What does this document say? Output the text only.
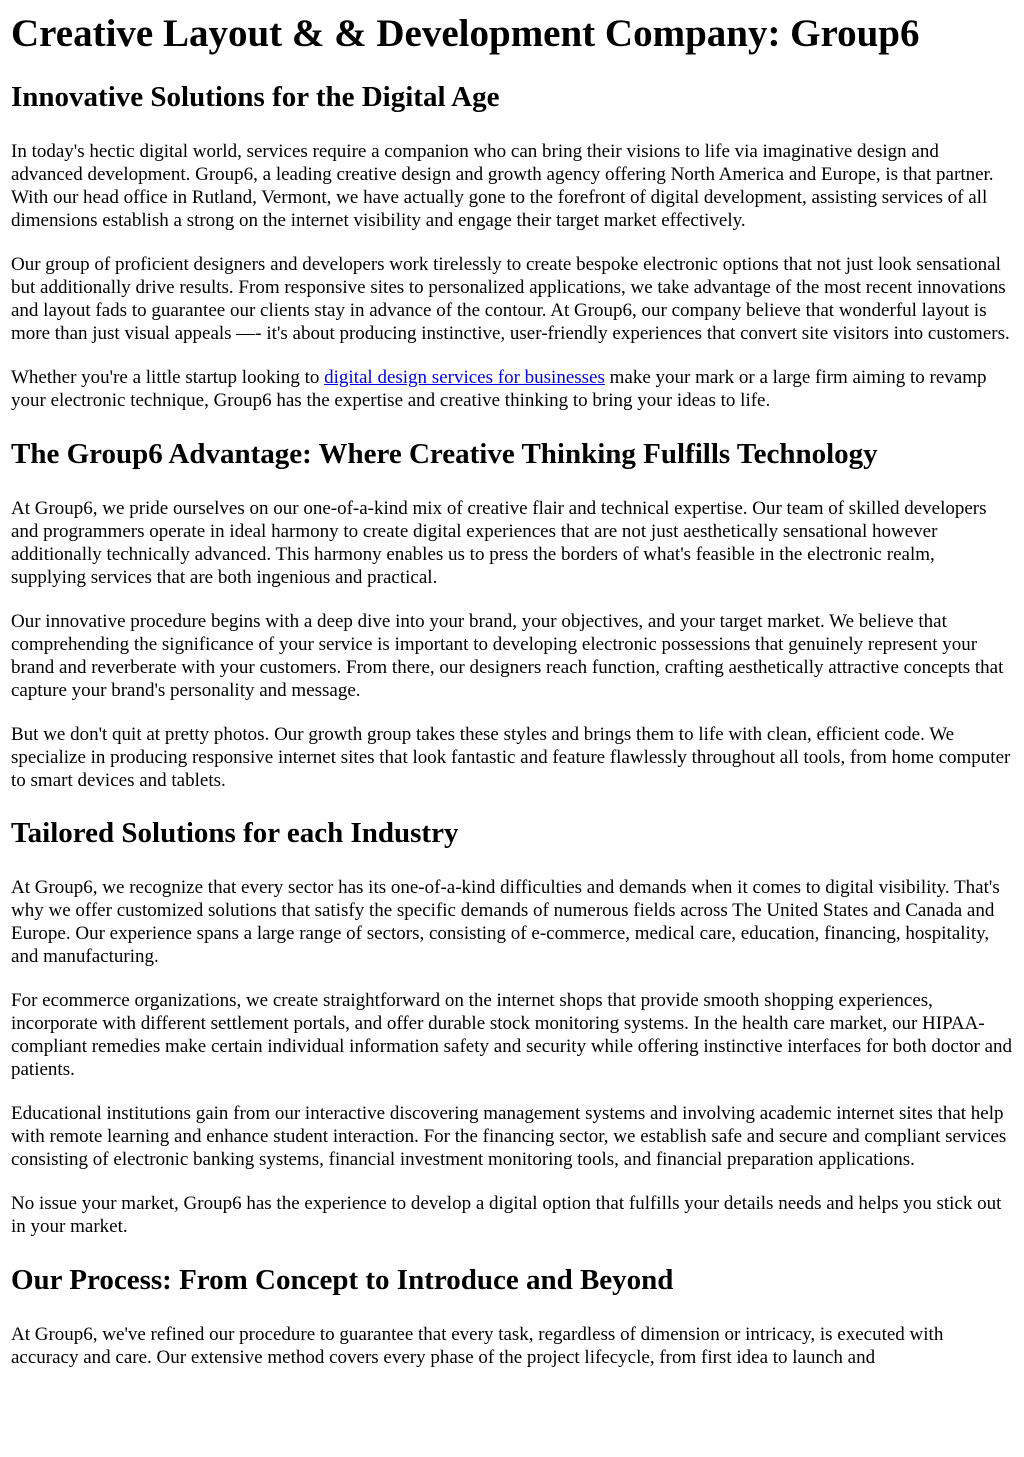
Creative Layout & & Development Company: Group6
Innovative Solutions for the Digital Age

In today's hectic digital world, services require a companion who can bring their visions to life via imaginative design and advanced development. Group6, a leading creative design and growth agency offering North America and Europe, is that partner. With our head office in Rutland, Vermont, we have actually gone to the forefront of digital development, assisting services of all dimensions establish a strong on the internet visibility and engage their target market effectively.

Our group of proficient designers and developers work tirelessly to create bespoke electronic options that not just look sensational but additionally drive results. From responsive sites to personalized applications, we take advantage of the most recent innovations and layout fads to guarantee our clients stay in advance of the contour. At Group6, our company believe that wonderful layout is more than just visual appeals —- it's about producing instinctive, user-friendly experiences that convert site visitors into customers.

Whether you're a little startup looking to digital design services for businesses make your mark or a large firm aiming to revamp your electronic technique, Group6 has the expertise and creative thinking to bring your ideas to life.

The Group6 Advantage: Where Creative Thinking Fulfills Technology

At Group6, we pride ourselves on our one-of-a-kind mix of creative flair and technical expertise. Our team of skilled developers and programmers operate in ideal harmony to create digital experiences that are not just aesthetically sensational however additionally technically advanced. This harmony enables us to press the borders of what's feasible in the electronic realm, supplying services that are both ingenious and practical.

Our innovative procedure begins with a deep dive into your brand, your objectives, and your target market. We believe that comprehending the significance of your service is important to developing electronic possessions that genuinely represent your brand and reverberate with your customers. From there, our designers reach function, crafting aesthetically attractive concepts that capture your brand's personality and message.

But we don't quit at pretty photos. Our growth group takes these styles and brings them to life with clean, efficient code. We specialize in producing responsive internet sites that look fantastic and feature flawlessly throughout all tools, from home computer to smart devices and tablets.

Tailored Solutions for each Industry

At Group6, we recognize that every sector has its one-of-a-kind difficulties and demands when it comes to digital visibility. That's why we offer customized solutions that satisfy the specific demands of numerous fields across The United States and Canada and Europe. Our experience spans a large range of sectors, consisting of e-commerce, medical care, education, financing, hospitality, and manufacturing.

For ecommerce organizations, we create straightforward on the internet shops that provide smooth shopping experiences, incorporate with different settlement portals, and offer durable stock monitoring systems. In the health care market, our HIPAA-compliant remedies make certain individual information safety and security while offering instinctive interfaces for both doctor and patients.

Educational institutions gain from our interactive discovering management systems and involving academic internet sites that help with remote learning and enhance student interaction. For the financing sector, we establish safe and secure and compliant services consisting of electronic banking systems, financial investment monitoring tools, and financial preparation applications.

No issue your market, Group6 has the experience to develop a digital option that fulfills your details needs and helps you stick out in your market.

Our Process: From Concept to Introduce and Beyond

At Group6, we've refined our procedure to guarantee that every task, regardless of dimension or intricacy, is executed with accuracy and care. Our extensive method covers every phase of the project lifecycle, from first idea to launch and
